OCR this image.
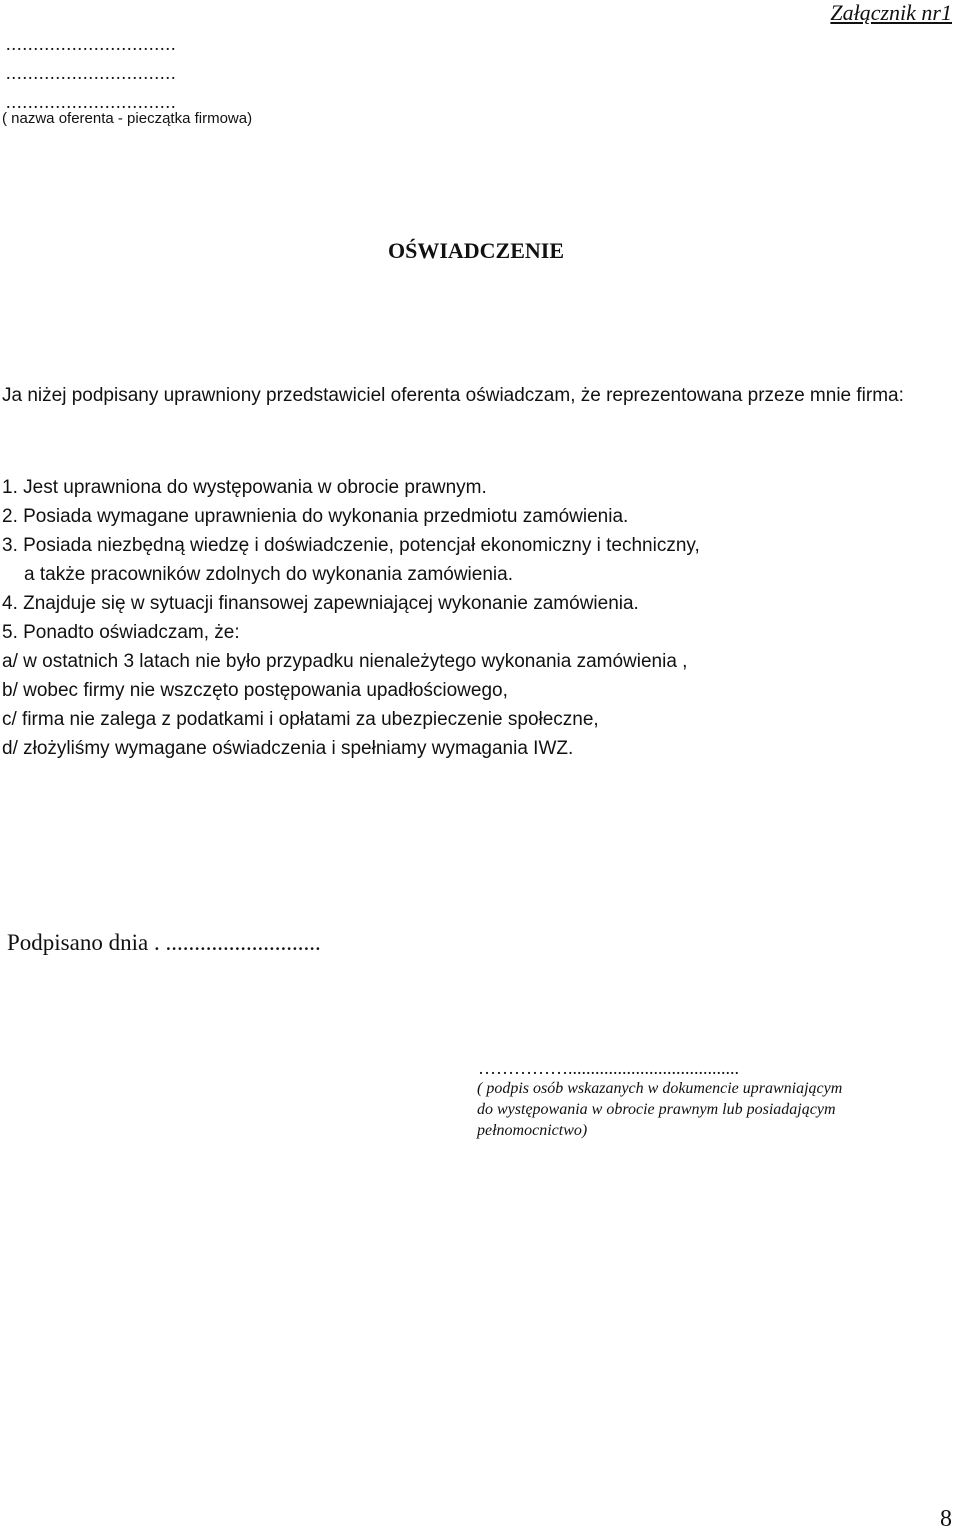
Załącznik nr1
...............................
...............................
...............................
( nazwa oferenta - pieczątka firmowa)
OŚWIADCZENIE
Ja niżej podpisany uprawniony przedstawiciel oferenta oświadczam, że reprezentowana przeze mnie firma:
1. Jest uprawniona do występowania w obrocie prawnym.
2. Posiada wymagane uprawnienia do wykonania przedmiotu zamówienia.
3. Posiada niezbędną wiedzę i doświadczenie, potencjał ekonomiczny i techniczny,
a także pracowników zdolnych do wykonania zamówienia.
4. Znajduje się w sytuacji finansowej zapewniającej wykonanie zamówienia.
5. Ponadto oświadczam, że:
a/ w ostatnich 3 latach nie było przypadku nienależytego wykonania zamówienia ,
b/ wobec firmy nie wszczęto postępowania upadłościowego,
c/ firma nie zalega z podatkami i opłatami za ubezpieczenie społeczne,
d/ złożyliśmy wymagane oświadczenia i spełniamy wymagania IWZ.
Podpisano dnia . ...........................
……………......................................
( podpis osób wskazanych w dokumencie uprawniającym
do występowania w obrocie prawnym lub posiadającym
pełnomocnictwo)
8
